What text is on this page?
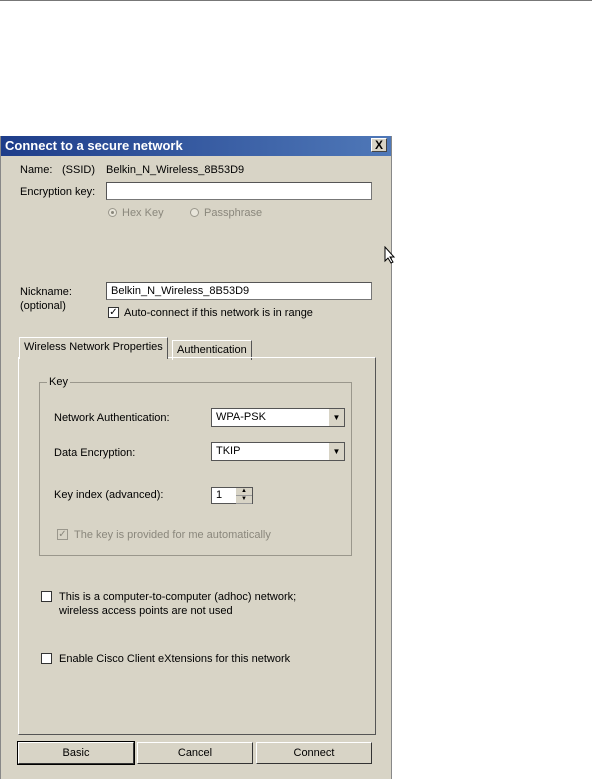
Connect to a secure network	X
Name: (SSID) Belkin_N_Wireless_8B53D9
Encryption key:
Hex Key	Passphrase
Nickname:
(optional)
Belkin_N_Wireless_8B53D9
✓ Auto-connect if this network is in range
Wireless Network Properties	Authentication
Key
Network Authentication:	WPA-PSK	▼
Data Encryption:	TKIP	▼
Key index (advanced):	1	▲
▼
✓ The key is provided for me automatically
This is a computer-to-computer (adhoc) network;
wireless access points are not used
Enable Cisco Client eXtensions for this network
Basic	Cancel	Connect
